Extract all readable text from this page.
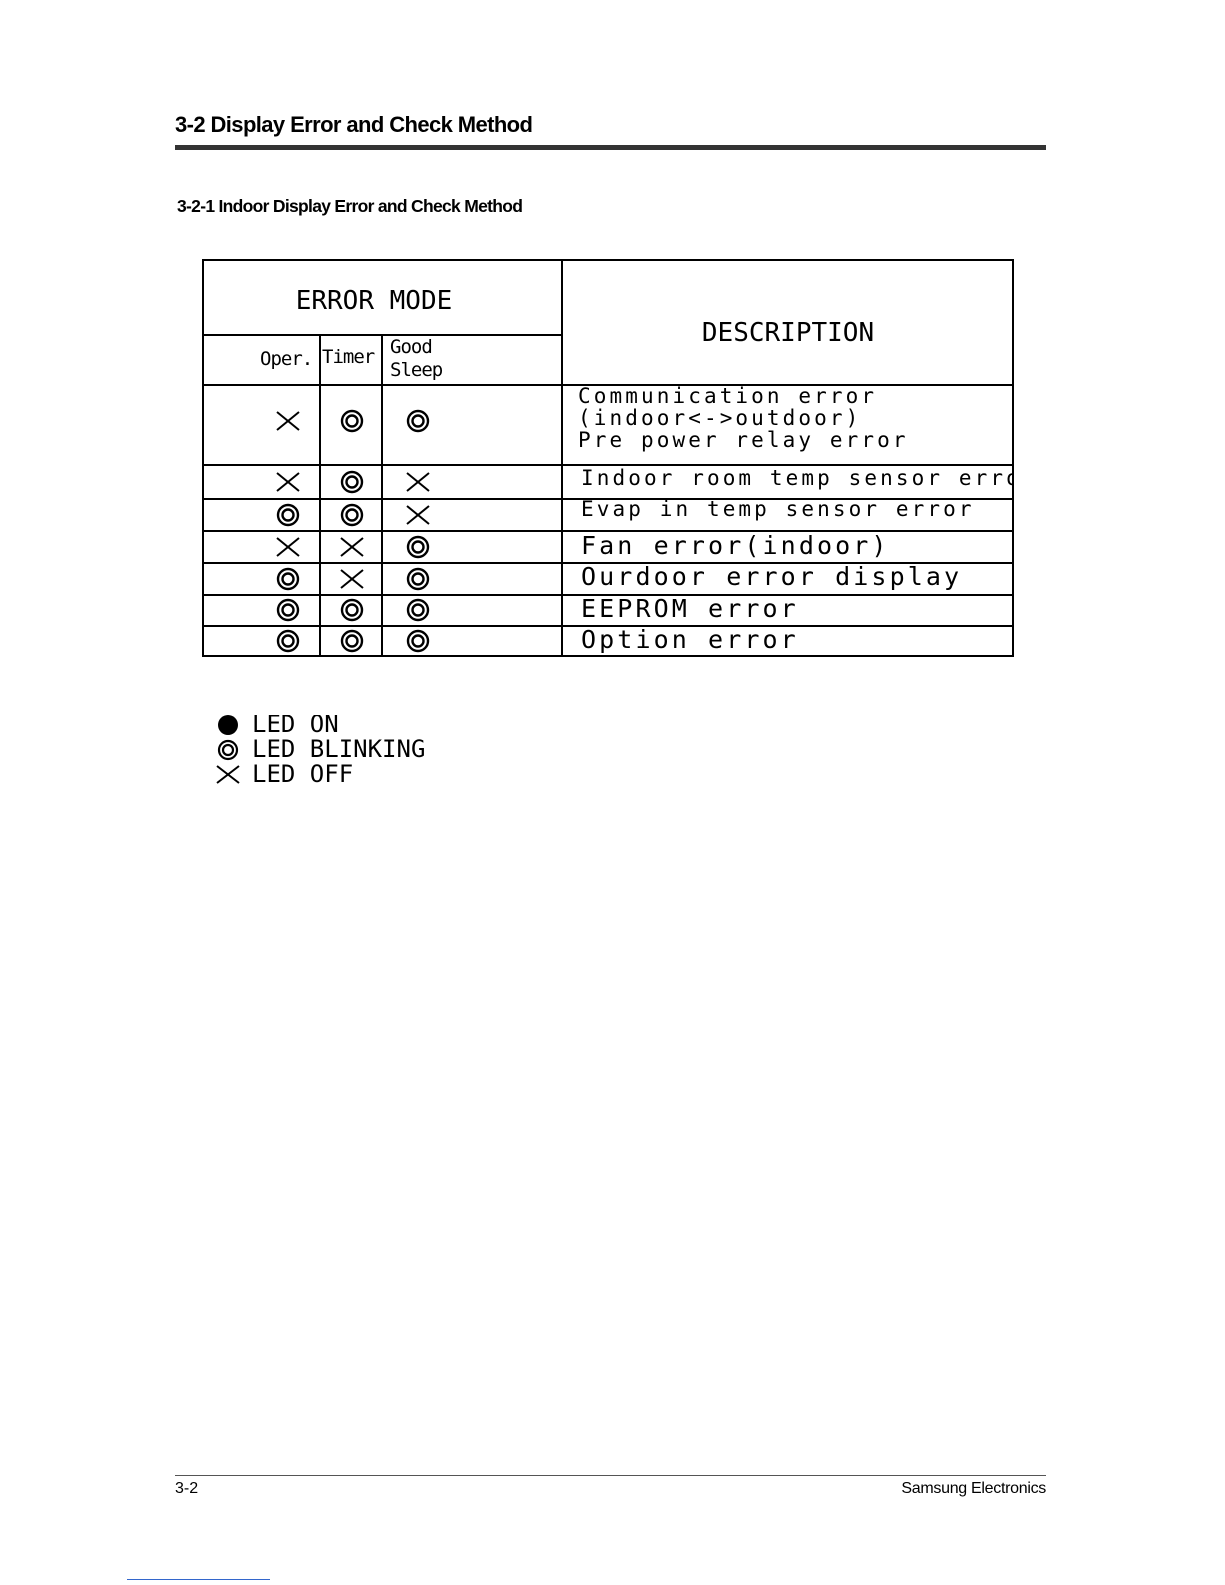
3-2 Display Error and Check Method
3-2-1 Indoor Display Error and Check Method
ERROR MODE
DESCRIPTION
Oper. Timer Good
Sleep
Communication error
(indoor<->outdoor)
Pre power relay error
Indoor room temp sensor error
Evap in temp sensor error
Fan error(indoor)
Ourdoor error display
EEPROM error
Option error
LED ON
LED BLINKING
LED OFF
3-2	Samsung Electronics
